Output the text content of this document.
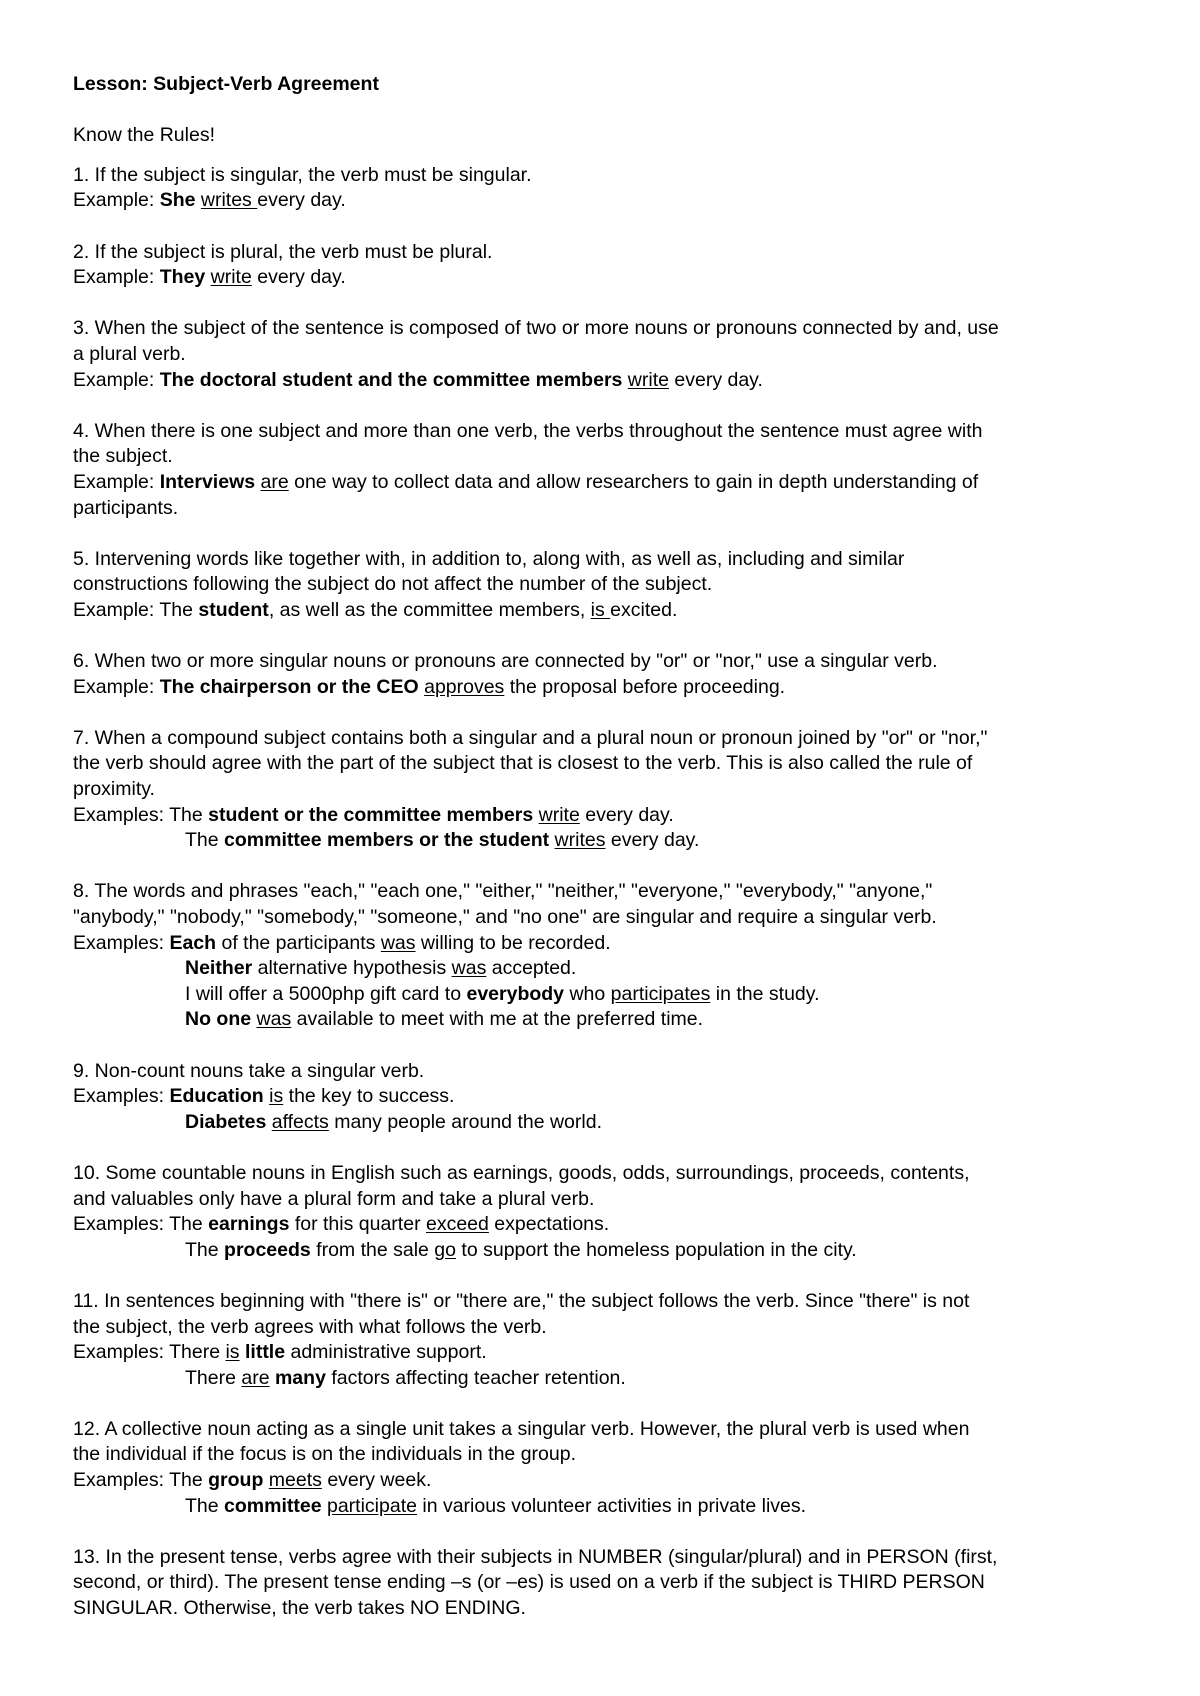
Lesson: Subject-Verb Agreement
Know the Rules!
1. If the subject is singular, the verb must be singular.
Example: She writes every day.
2. If the subject is plural, the verb must be plural.
Example: They write every day.
3. When the subject of the sentence is composed of two or more nouns or pronouns connected by and, use
a plural verb.
Example: The doctoral student and the committee members write every day.
4. When there is one subject and more than one verb, the verbs throughout the sentence must agree with
the subject.
Example: Interviews are one way to collect data and allow researchers to gain in depth understanding of
participants.
5. Intervening words like together with, in addition to, along with, as well as, including and similar
constructions following the subject do not affect the number of the subject.
Example: The student, as well as the committee members, is excited.
6. When two or more singular nouns or pronouns are connected by "or" or "nor," use a singular verb.
Example: The chairperson or the CEO approves the proposal before proceeding.
7. When a compound subject contains both a singular and a plural noun or pronoun joined by "or" or "nor,"
the verb should agree with the part of the subject that is closest to the verb. This is also called the rule of
proximity.
Examples: The student or the committee members write every day.
The committee members or the student writes every day.
8. The words and phrases "each," "each one," "either," "neither," "everyone," "everybody," "anyone,"
"anybody," "nobody," "somebody," "someone," and "no one" are singular and require a singular verb.
Examples: Each of the participants was willing to be recorded.
Neither alternative hypothesis was accepted.
I will offer a 5000php gift card to everybody who participates in the study.
No one was available to meet with me at the preferred time.
9. Non-count nouns take a singular verb.
Examples: Education is the key to success.
Diabetes affects many people around the world.
10. Some countable nouns in English such as earnings, goods, odds, surroundings, proceeds, contents,
and valuables only have a plural form and take a plural verb.
Examples: The earnings for this quarter exceed expectations.
The proceeds from the sale go to support the homeless population in the city.
11. In sentences beginning with "there is" or "there are," the subject follows the verb. Since "there" is not
the subject, the verb agrees with what follows the verb.
Examples: There is little administrative support.
There are many factors affecting teacher retention.
12. A collective noun acting as a single unit takes a singular verb. However, the plural verb is used when
the individual if the focus is on the individuals in the group.
Examples: The group meets every week.
The committee participate in various volunteer activities in private lives.
13. In the present tense, verbs agree with their subjects in NUMBER (singular/plural) and in PERSON (first,
second, or third). The present tense ending –s (or –es) is used on a verb if the subject is THIRD PERSON
SINGULAR. Otherwise, the verb takes NO ENDING.
